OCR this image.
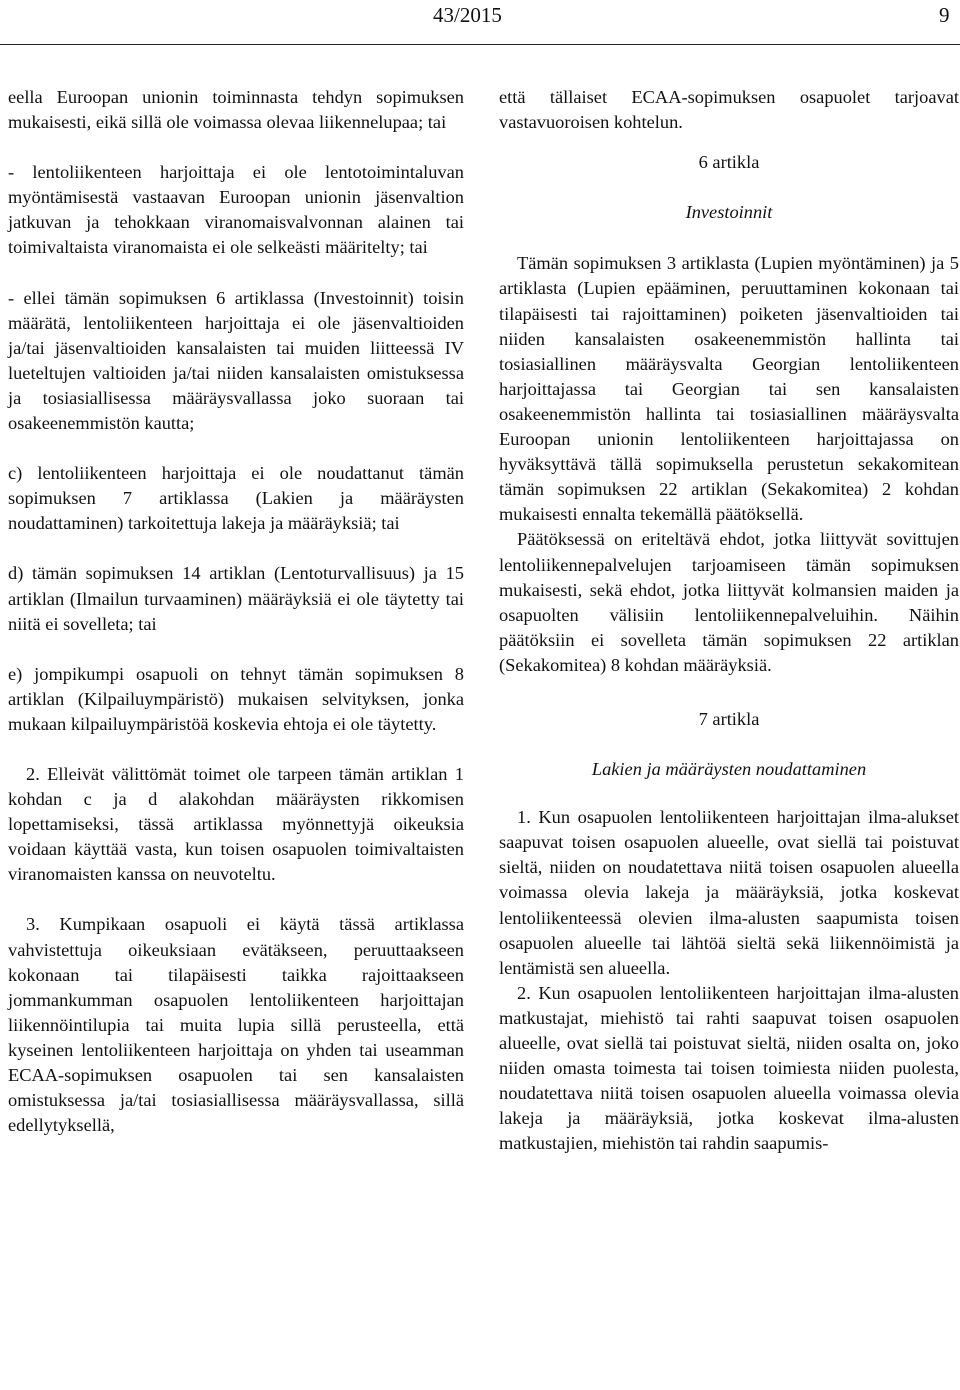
43/2015	9

eella Euroopan unionin toiminnasta tehdyn sopimuksen mukaisesti, eikä sillä ole voimassa olevaa liikennelupaa; tai

- lentoliikenteen harjoittaja ei ole lentotoimintaluvan myöntämisestä vastaavan Euroopan unionin jäsenvaltion jatkuvan ja tehokkaan viranomaisvalvonnan alainen tai toimivaltaista viranomaista ei ole selkeästi määritelty; tai

- ellei tämän sopimuksen 6 artiklassa (Investoinnit) toisin määrätä, lentoliikenteen harjoittaja ei ole jäsenvaltioiden ja/tai jäsenvaltioiden kansalaisten tai muiden liitteessä IV lueteltujen valtioiden ja/tai niiden kansalaisten omistuksessa ja tosiasiallisessa määräysvallassa joko suoraan tai osakeenemmistön kautta;

c) lentoliikenteen harjoittaja ei ole noudattanut tämän sopimuksen 7 artiklassa (Lakien ja määräysten noudattaminen) tarkoitettuja lakeja ja määräyksiä; tai

d) tämän sopimuksen 14 artiklan (Lentoturvallisuus) ja 15 artiklan (Ilmailun turvaaminen) määräyksiä ei ole täytetty tai niitä ei sovelleta; tai

e) jompikumpi osapuoli on tehnyt tämän sopimuksen 8 artiklan (Kilpailuympäristö) mukaisen selvityksen, jonka mukaan kilpailuympäristöä koskevia ehtoja ei ole täytetty.

2. Elleivät välittömät toimet ole tarpeen tämän artiklan 1 kohdan c ja d alakohdan määräysten rikkomisen lopettamiseksi, tässä artiklassa myönnettyjä oikeuksia voidaan käyttää vasta, kun toisen osapuolen toimivaltaisten viranomaisten kanssa on neuvoteltu.

3. Kumpikaan osapuoli ei käytä tässä artiklassa vahvistettuja oikeuksiaan evätäkseen, peruuttaakseen kokonaan tai tilapäisesti taikka rajoittaakseen jommankumman osapuolen lentoliikenteen harjoittajan liikennöintilupia tai muita lupia sillä perusteella, että kyseinen lentoliikenteen harjoittaja on yhden tai useamman ECAA-sopimuksen osapuolen tai sen kansalaisten omistuksessa ja/tai tosiasiallisessa määräysvallassa, sillä edellytyksellä,

että tällaiset ECAA-sopimuksen osapuolet tarjoavat vastavuoroisen kohtelun.

6 artikla

Investoinnit

Tämän sopimuksen 3 artiklasta (Lupien myöntäminen) ja 5 artiklasta (Lupien epääminen, peruuttaminen kokonaan tai tilapäisesti tai rajoittaminen) poiketen jäsenvaltioiden tai niiden kansalaisten osakeenemmistön hallinta tai tosiasiallinen määräysvalta Georgian lentoliikenteen harjoittajassa tai Georgian tai sen kansalaisten osakeenemmistön hallinta tai tosiasiallinen määräysvalta Euroopan unionin lentoliikenteen harjoittajassa on hyväksyttävä tällä sopimuksella perustetun sekakomitean tämän sopimuksen 22 artiklan (Sekakomitea) 2 kohdan mukaisesti ennalta tekemällä päätöksellä.

Päätöksessä on eriteltävä ehdot, jotka liittyvät sovittujen lentoliikennepalvelujen tarjoamiseen tämän sopimuksen mukaisesti, sekä ehdot, jotka liittyvät kolmansien maiden ja osapuolten välisiin lentoliikennepalveluihin. Näihin päätöksiin ei sovelleta tämän sopimuksen 22 artiklan (Sekakomitea) 8 kohdan määräyksiä.

7 artikla

Lakien ja määräysten noudattaminen

1. Kun osapuolen lentoliikenteen harjoittajan ilma-alukset saapuvat toisen osapuolen alueelle, ovat siellä tai poistuvat sieltä, niiden on noudatettava niitä toisen osapuolen alueella voimassa olevia lakeja ja määräyksiä, jotka koskevat lentoliikenteessä olevien ilma-alusten saapumista toisen osapuolen alueelle tai lähtöä sieltä sekä liikennöimistä ja lentämistä sen alueella.

2. Kun osapuolen lentoliikenteen harjoittajan ilma-alusten matkustajat, miehistö tai rahti saapuvat toisen osapuolen alueelle, ovat siellä tai poistuvat sieltä, niiden osalta on, joko niiden omasta toimesta tai toisen toimiesta niiden puolesta, noudatettava niitä toisen osapuolen alueella voimassa olevia lakeja ja määräyksiä, jotka koskevat ilma-alusten matkustajien, miehistön tai rahdin saapumis-
